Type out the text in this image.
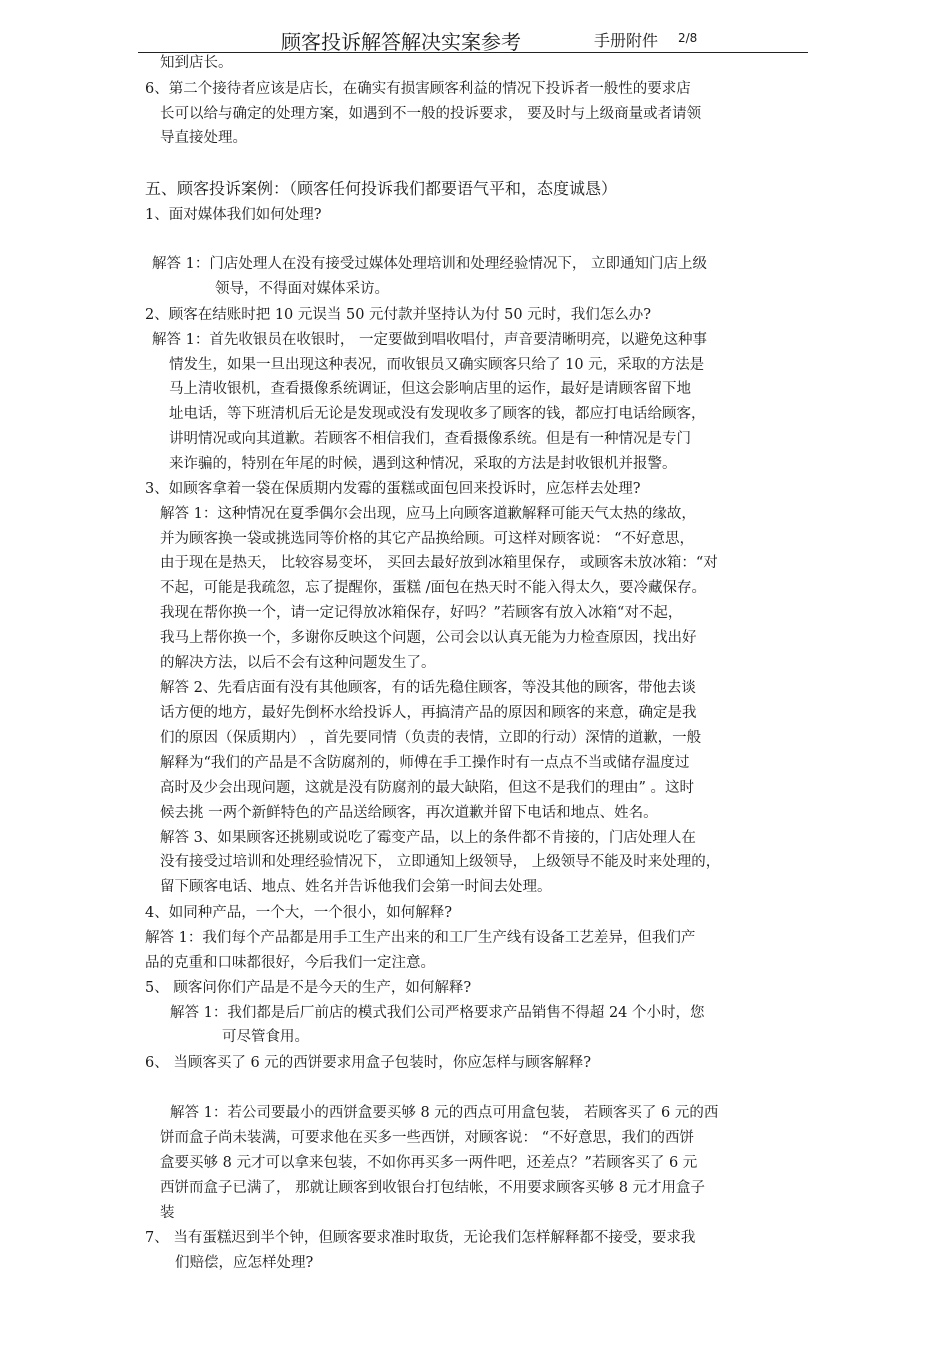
顾客投诉解答解决实案参考	手册附件 2/8
知到店长。
6、第二个接待者应该是店长，在确实有损害顾客利益的情况下投诉者一般性的要求店
长可以给与确定的处理方案，如遇到不一般的投诉要求， 要及时与上级商量或者请领
导直接处理。
五、顾客投诉案例：（顾客任何投诉我们都要语气平和，态度诚恳）
1、面对媒体我们如何处理?
解答 1：门店处理人在没有接受过媒体处理培训和处理经验情况下， 立即通知门店上级
领导，不得面对媒体采访。
2、顾客在结账时把 10 元误当 50 元付款并坚持认为付 50 元时，我们怎么办?
解答 1：首先收银员在收银时， 一定要做到唱收唱付，声音要清晰明亮，以避免这种事
情发生，如果一旦出现这种表况，而收银员又确实顾客只给了 10 元，采取的方法是
马上清收银机，查看摄像系统调证，但这会影响店里的运作，最好是请顾客留下地
址电话，等下班清机后无论是发现或没有发现收多了顾客的钱，都应打电话给顾客，
讲明情况或向其道歉。若顾客不相信我们，查看摄像系统。但是有一种情况是专门
来诈骗的，特别在年尾的时候，遇到这种情况，采取的方法是封收银机并报警。
3、如顾客拿着一袋在保质期内发霉的蛋糕或面包回来投诉时，应怎样去处理?
解答 1：这种情况在夏季偶尔会出现，应马上向顾客道歉解释可能天气太热的缘故，
并为顾客换一袋或挑选同等价格的其它产品换给顾。可这样对顾客说： “不好意思，
由于现在是热天， 比较容易变坏， 买回去最好放到冰箱里保存， 或顾客未放冰箱：“对
不起，可能是我疏忽，忘了提醒你，蛋糕 /面包在热天时不能入得太久，要冷藏保存。
我现在帮你换一个，请一定记得放冰箱保存，好吗？”若顾客有放入冰箱“对不起，
我马上帮你换一个，多谢你反映这个问题，公司会以认真无能为力检查原因，找出好
的解决方法，以后不会有这种问题发生了。
解答 2、先看店面有没有其他顾客，有的话先稳住顾客，等没其他的顾客，带他去谈
话方便的地方，最好先倒杯水给投诉人，再搞清产品的原因和顾客的来意，确定是我
们的原因（保质期内） ，首先要同情（负责的表情，立即的行动）深情的道歉，一般
解释为“我们的产品是不含防腐剂的，师傅在手工操作时有一点点不当或储存温度过
高时及少会出现问题，这就是没有防腐剂的最大缺陷，但这不是我们的理由” 。这时
候去挑 一两个新鲜特色的产品送给顾客，再次道歉并留下电话和地点、姓名。
解答 3、如果顾客还挑剔或说吃了霉变产品，以上的条件都不肯接的，门店处理人在
没有接受过培训和处理经验情况下， 立即通知上级领导， 上级领导不能及时来处理的，
留下顾客电话、地点、姓名并告诉他我们会第一时间去处理。
4、如同种产品，一个大，一个很小，如何解释?
解答 1：我们每个产品都是用手工生产出来的和工厂生产线有设备工艺差异，但我们产
品的克重和口味都很好，今后我们一定注意。
5、 顾客问你们产品是不是今天的生产，如何解释?
解答 1：我们都是后厂前店的模式我们公司严格要求产品销售不得超 24 个小时，您
可尽管食用。
6、 当顾客买了 6 元的西饼要求用盒子包装时，你应怎样与顾客解释?
解答 1：若公司要最小的西饼盒要买够 8 元的西点可用盒包装， 若顾客买了 6 元的西
饼而盒子尚未装满，可要求他在买多一些西饼，对顾客说： “不好意思，我们的西饼
盒要买够 8 元才可以拿来包装，不如你再买多一两件吧，还差点？”若顾客买了 6 元
西饼而盒子已满了， 那就让顾客到收银台打包结帐，不用要求顾客买够 8 元才用盒子
装
7、 当有蛋糕迟到半个钟，但顾客要求准时取货，无论我们怎样解释都不接受，要求我
们赔偿，应怎样处理?
